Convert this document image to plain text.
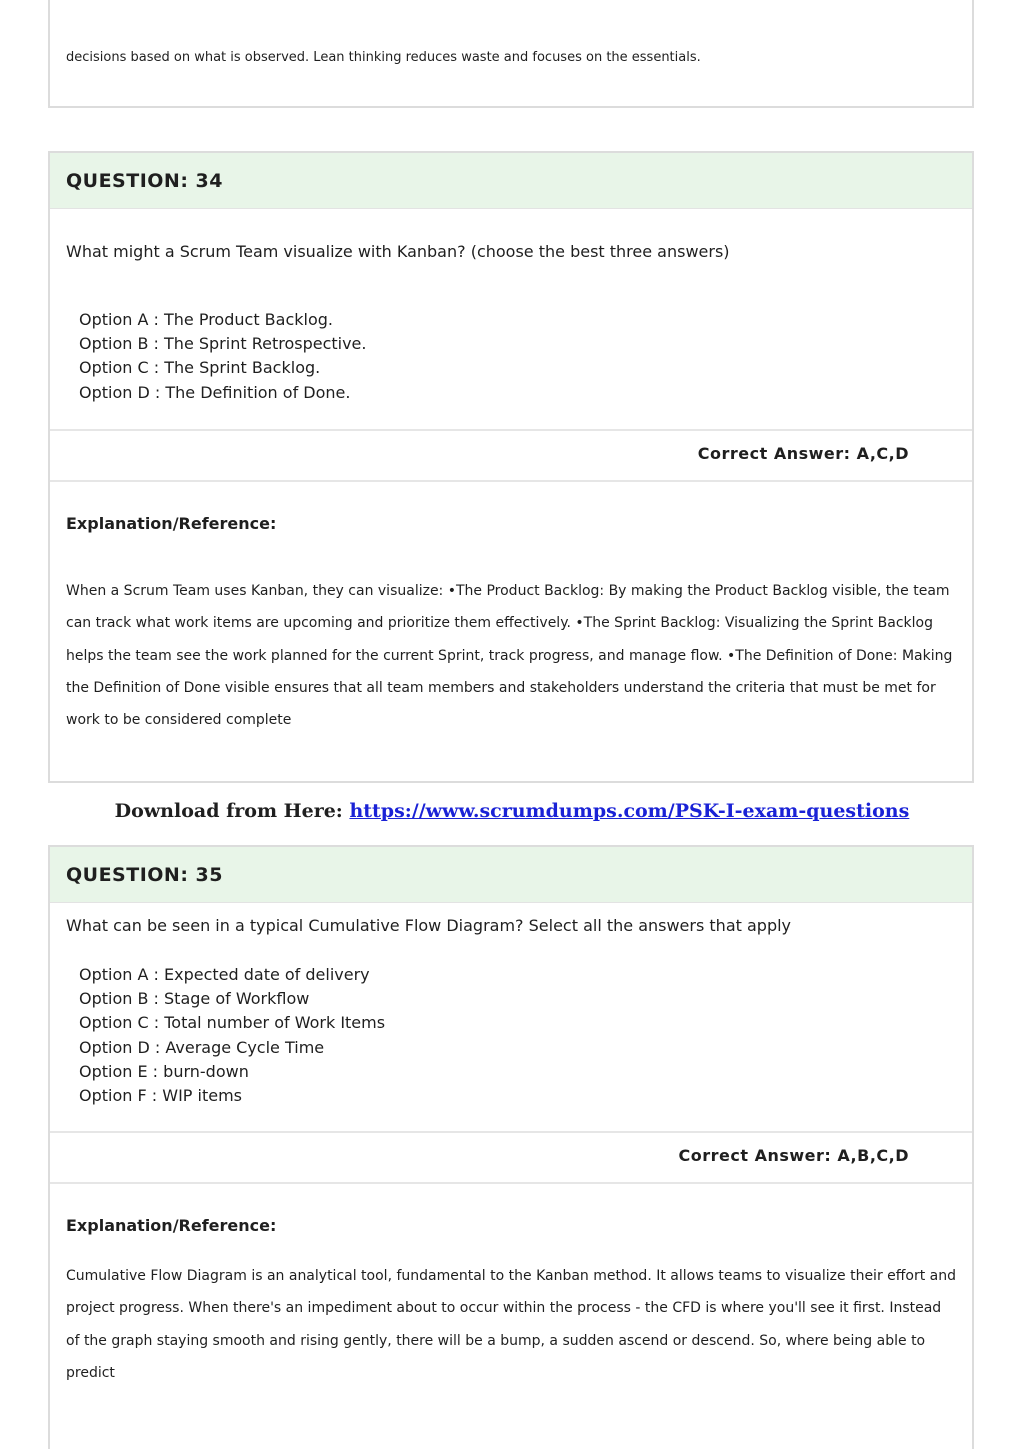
decisions based on what is observed. Lean thinking reduces waste and focuses on the essentials.
QUESTION: 34
What might a Scrum Team visualize with Kanban? (choose the best three answers)
Option A : The Product Backlog.
Option B : The Sprint Retrospective.
Option C : The Sprint Backlog.
Option D : The Definition of Done.
Correct Answer: A,C,D
Explanation/Reference:
When a Scrum Team uses Kanban, they can visualize: •The Product Backlog: By making the Product Backlog visible, the team can track what work items are upcoming and prioritize them effectively. •The Sprint Backlog: Visualizing the Sprint Backlog helps the team see the work planned for the current Sprint, track progress, and manage flow. •The Definition of Done: Making the Definition of Done visible ensures that all team members and stakeholders understand the criteria that must be met for work to be considered complete
Download from Here: https://www.scrumdumps.com/PSK-I-exam-questions
QUESTION: 35
What can be seen in a typical Cumulative Flow Diagram? Select all the answers that apply
Option A : Expected date of delivery
Option B : Stage of Workflow
Option C : Total number of Work Items
Option D : Average Cycle Time
Option E : burn-down
Option F : WIP items
Correct Answer: A,B,C,D
Explanation/Reference:
Cumulative Flow Diagram is an analytical tool, fundamental to the Kanban method. It allows teams to visualize their effort and project progress. When there's an impediment about to occur within the process - the CFD is where you'll see it first. Instead of the graph staying smooth and rising gently, there will be a bump, a sudden ascend or descend. So, where being able to predict
